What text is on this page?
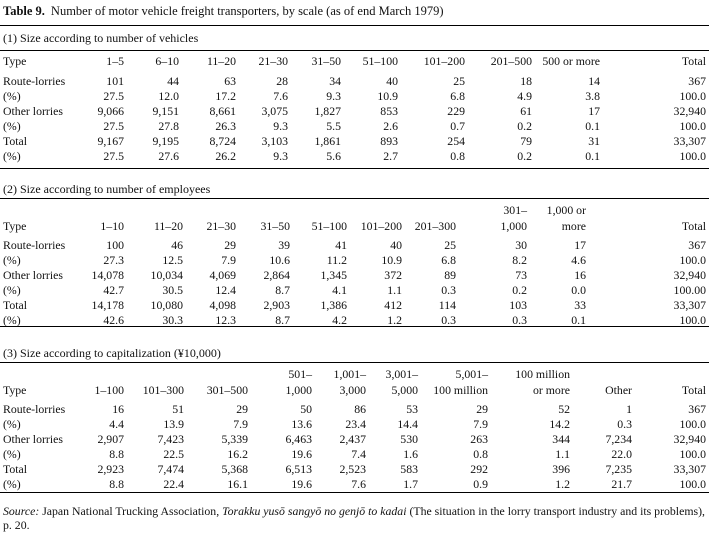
Table 9. Number of motor vehicle freight transporters, by scale (as of end March 1979)
(1) Size according to number of vehicles
Type	1–5	6–10	11–20	21–30	31–50	51–100	101–200	201–500	500 or more	Total
Route-lorries	101	44	63	28	34	40	25	18	14	367
(%)	27.5	12.0	17.2	7.6	9.3	10.9	6.8	4.9	3.8	100.0
Other lorries	9,066	9,151	8,661	3,075	1,827	853	229	61	17	32,940
(%)	27.5	27.8	26.3	9.3	5.5	2.6	0.7	0.2	0.1	100.0
Total	9,167	9,195	8,724	3,103	1,861	893	254	79	31	33,307
(%)	27.5	27.6	26.2	9.3	5.6	2.7	0.8	0.2	0.1	100.0
(2) Size according to number of employees
								301–	1,000 or	
Type	1–10	11–20	21–30	31–50	51–100	101–200	201–300	1,000	more	Total
Route-lorries	100	46	29	39	41	40	25	30	17	367
(%)	27.3	12.5	7.9	10.6	11.2	10.9	6.8	8.2	4.6	100.0
Other lorries	14,078	10,034	4,069	2,864	1,345	372	89	73	16	32,940
(%)	42.7	30.5	12.4	8.7	4.1	1.1	0.3	0.2	0.0	100.00
Total	14,178	10,080	4,098	2,903	1,386	412	114	103	33	33,307
(%)	42.6	30.3	12.3	8.7	4.2	1.2	0.3	0.3	0.1	100.0
(3) Size according to capitalization (¥10,000)
				501–	1,001–	3,001–	5,001–	100 million		
Type	1–100	101–300	301–500	1,000	3,000	5,000	100 million	or more	Other	Total
Route-lorries	16	51	29	50	86	53	29	52	1	367
(%)	4.4	13.9	7.9	13.6	23.4	14.4	7.9	14.2	0.3	100.0
Other lorries	2,907	7,423	5,339	6,463	2,437	530	263	344	7,234	32,940
(%)	8.8	22.5	16.2	19.6	7.4	1.6	0.8	1.1	22.0	100.0
Total	2,923	7,474	5,368	6,513	2,523	583	292	396	7,235	33,307
(%)	8.8	22.4	16.1	19.6	7.6	1.7	0.9	1.2	21.7	100.0
Source: Japan National Trucking Association, Torakku yusō sangyō no genjō to kadai (The situation in the lorry transport industry and its problems), p. 20.
